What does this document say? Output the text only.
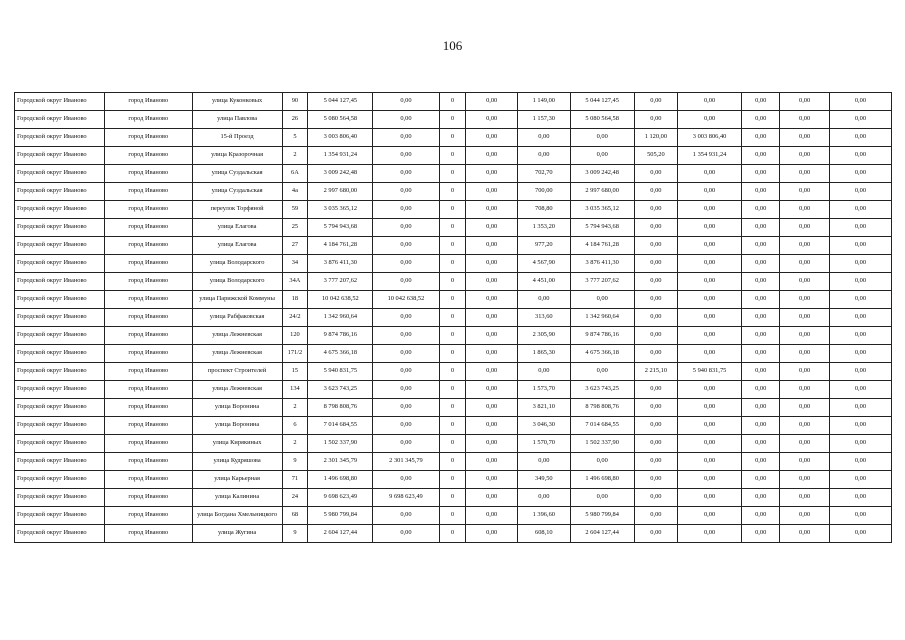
106
Городской округ Иваново	город Иваново	улица Куконковых	90	5 044 127,45	0,00	0	0,00	1 149,00	5 044 127,45	0,00	0,00	0,00	0,00	0,00
Городской округ Иваново	город Иваново	улица Павлова	26	5 080 564,58	0,00	0	0,00	1 157,30	5 080 564,58	0,00	0,00	0,00	0,00	0,00
Городской округ Иваново	город Иваново	15-й Проезд	5	3 003 806,40	0,00	0	0,00	0,00	0,00	1 120,00	3 003 806,40	0,00	0,00	0,00
Городской округ Иваново	город Иваново	улица Кразорочная	2	1 354 931,24	0,00	0	0,00	0,00	0,00	505,20	1 354 931,24	0,00	0,00	0,00
Городской округ Иваново	город Иваново	улица Суздальская	6А	3 009 242,48	0,00	0	0,00	702,70	3 009 242,48	0,00	0,00	0,00	0,00	0,00
Городской округ Иваново	город Иваново	улица Суздальская	4а	2 997 680,00	0,00	0	0,00	700,00	2 997 680,00	0,00	0,00	0,00	0,00	0,00
Городской округ Иваново	город Иваново	переулок Торфяной	59	3 035 365,12	0,00	0	0,00	708,80	3 035 365,12	0,00	0,00	0,00	0,00	0,00
Городской округ Иваново	город Иваново	улица Елагова	25	5 794 943,68	0,00	0	0,00	1 353,20	5 794 943,68	0,00	0,00	0,00	0,00	0,00
Городской округ Иваново	город Иваново	улица Елагова	27	4 184 761,28	0,00	0	0,00	977,20	4 184 761,28	0,00	0,00	0,00	0,00	0,00
Городской округ Иваново	город Иваново	улица Володарского	34	3 876 411,30	0,00	0	0,00	4 567,90	3 876 411,30	0,00	0,00	0,00	0,00	0,00
Городской округ Иваново	город Иваново	улица Володарского	34А	3 777 207,62	0,00	0	0,00	4 451,00	3 777 207,62	0,00	0,00	0,00	0,00	0,00
Городской округ Иваново	город Иваново	улица Парижской Коммуны	18	10 042 638,52	10 042 638,52	0	0,00	0,00	0,00	0,00	0,00	0,00	0,00	0,00
Городской округ Иваново	город Иваново	улица Рабфаковская	24/2	1 342 960,64	0,00	0	0,00	313,60	1 342 960,64	0,00	0,00	0,00	0,00	0,00
Городской округ Иваново	город Иваново	улица Лежневская	120	9 874 786,16	0,00	0	0,00	2 305,90	9 874 786,16	0,00	0,00	0,00	0,00	0,00
Городской округ Иваново	город Иваново	улица Лежневская	171/2	4 675 366,18	0,00	0	0,00	1 865,30	4 675 366,18	0,00	0,00	0,00	0,00	0,00
Городской округ Иваново	город Иваново	проспект Строителей	15	5 940 831,75	0,00	0	0,00	0,00	0,00	2 215,10	5 940 831,75	0,00	0,00	0,00
Городской округ Иваново	город Иваново	улица Лежневская	134	3 623 743,25	0,00	0	0,00	1 573,70	3 623 743,25	0,00	0,00	0,00	0,00	0,00
Городской округ Иваново	город Иваново	улица Воронина	2	8 798 808,76	0,00	0	0,00	3 821,10	8 798 808,76	0,00	0,00	0,00	0,00	0,00
Городской округ Иваново	город Иваново	улица Воронина	6	7 014 684,55	0,00	0	0,00	3 046,30	7 014 684,55	0,00	0,00	0,00	0,00	0,00
Городской округ Иваново	город Иваново	улица Кирякиных	2	1 502 337,90	0,00	0	0,00	1 570,70	1 502 337,90	0,00	0,00	0,00	0,00	0,00
Городской округ Иваново	город Иваново	улица Кудряшова	9	2 301 345,79	2 301 345,79	0	0,00	0,00	0,00	0,00	0,00	0,00	0,00	0,00
Городской округ Иваново	город Иваново	улица Карьерная	71	1 496 698,80	0,00	0	0,00	349,50	1 496 698,80	0,00	0,00	0,00	0,00	0,00
Городской округ Иваново	город Иваново	улица Калинина	24	9 698 623,49	9 698 623,49	0	0,00	0,00	0,00	0,00	0,00	0,00	0,00	0,00
Городской округ Иваново	город Иваново	улица Богдана Хмельницкого	68	5 980 799,84	0,00	0	0,00	1 396,60	5 980 799,84	0,00	0,00	0,00	0,00	0,00
Городской округ Иваново	город Иваново	улица Жугина	9	2 604 127,44	0,00	0	0,00	608,10	2 604 127,44	0,00	0,00	0,00	0,00	0,00
